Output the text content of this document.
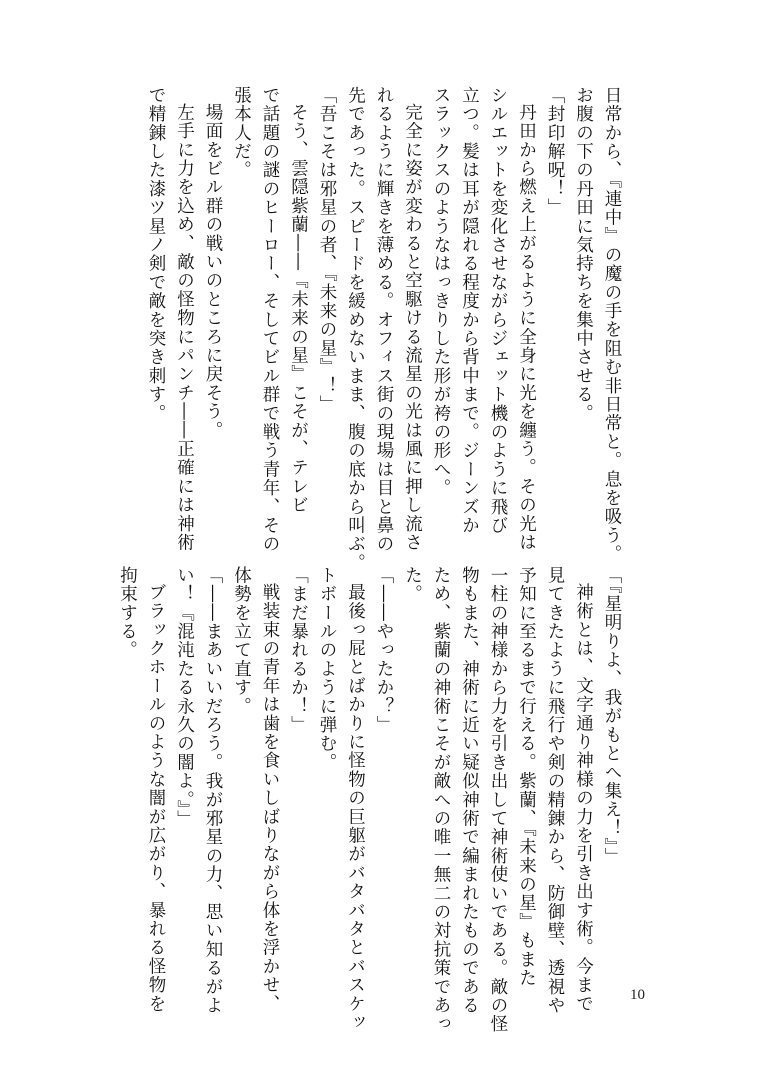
日常から、『連中』の魔の手を阻む非日常と。息を吸う。
お腹の下の丹田に気持ちを集中させる。
「封印解呪！」
丹田から燃え上がるように全身に光を纏う。その光は
シルエットを変化させながらジェット機のように飛び
立つ。髪は耳が隠れる程度から背中まで。ジーンズか
スラックスのようなはっきりした形が袴の形へ。
完全に姿が変わると空駆ける流星の光は風に押し流さ
れるように輝きを薄める。オフィス街の現場は目と鼻の
先であった。スピードを緩めないまま、腹の底から叫ぶ。
「吾こそは邪星の者、『未来の星』！」
そう、雲隠紫蘭――『未来の星』こそが、テレビ
で話題の謎のヒーロー、そしてビル群で戦う青年、その
張本人だ。
場面をビル群の戦いのところに戻そう。
左手に力を込め、敵の怪物にパンチ――正確には神術
で精錬した漆ツ星ノ剣で敵を突き刺す。
「『星明りよ、我がもとへ集え！』」
神術とは、文字通り神様の力を引き出す術。今まで
見てきたように飛行や剣の精錬から、防御壁、透視や
予知に至るまで行える。紫蘭、『未来の星』もまた
一柱の神様から力を引き出して神術使いである。敵の怪
物もまた、神術に近い疑似神術で編まれたものである
ため、紫蘭の神術こそが敵への唯一無二の対抗策であっ
た。
「――やったか？」
最後っ屁とばかりに怪物の巨躯がバタバタとバスケッ
トボールのように弾む。
「まだ暴れるか！」
戦装束の青年は歯を食いしばりながら体を浮かせ、
体勢を立て直す。
「――まあいいだろう。我が邪星の力、思い知るがよ
い！『混沌たる永久の闇よ。』」
ブラックホールのような闇が広がり、暴れる怪物を
拘束する。
10
